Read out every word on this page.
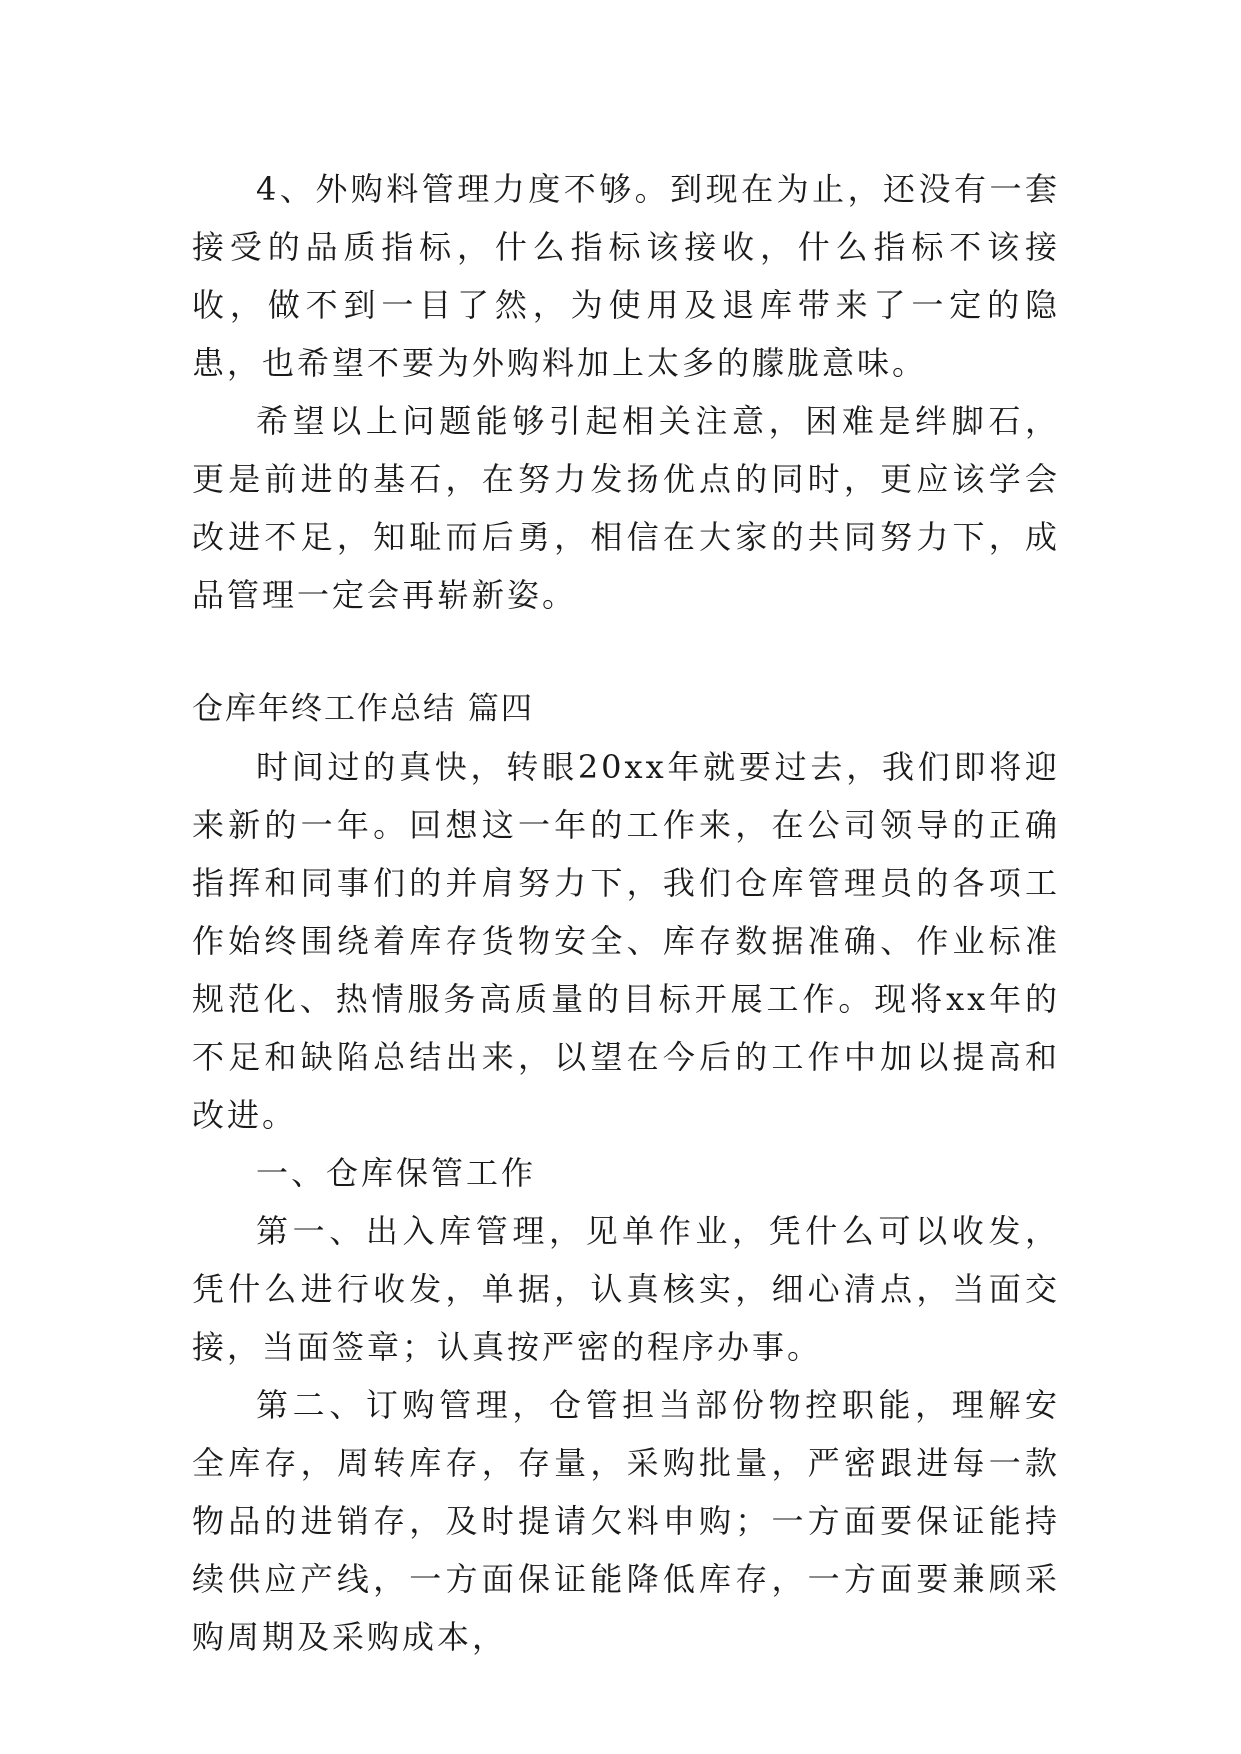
4、外购料管理力度不够。到现在为止，还没有一套接受的品质指标，什么指标该接收，什么指标不该接收，做不到一目了然，为使用及退库带来了一定的隐患，也希望不要为外购料加上太多的朦胧意味。

希望以上问题能够引起相关注意，困难是绊脚石，更是前进的基石，在努力发扬优点的同时，更应该学会改进不足，知耻而后勇，相信在大家的共同努力下，成品管理一定会再崭新姿。

仓库年终工作总结 篇四

时间过的真快，转眼20xx年就要过去，我们即将迎来新的一年。回想这一年的工作来，在公司领导的正确指挥和同事们的并肩努力下，我们仓库管理员的各项工作始终围绕着库存货物安全、库存数据准确、作业标准规范化、热情服务高质量的目标开展工作。现将xx年的不足和缺陷总结出来，以望在今后的工作中加以提高和改进。

一、仓库保管工作

第一、出入库管理，见单作业，凭什么可以收发，凭什么进行收发，单据，认真核实，细心清点，当面交接，当面签章；认真按严密的程序办事。

第二、订购管理，仓管担当部份物控职能，理解安全库存，周转库存，存量，采购批量，严密跟进每一款物品的进销存，及时提请欠料申购；一方面要保证能持续供应产线，一方面保证能降低库存，一方面要兼顾采购周期及采购成本，
